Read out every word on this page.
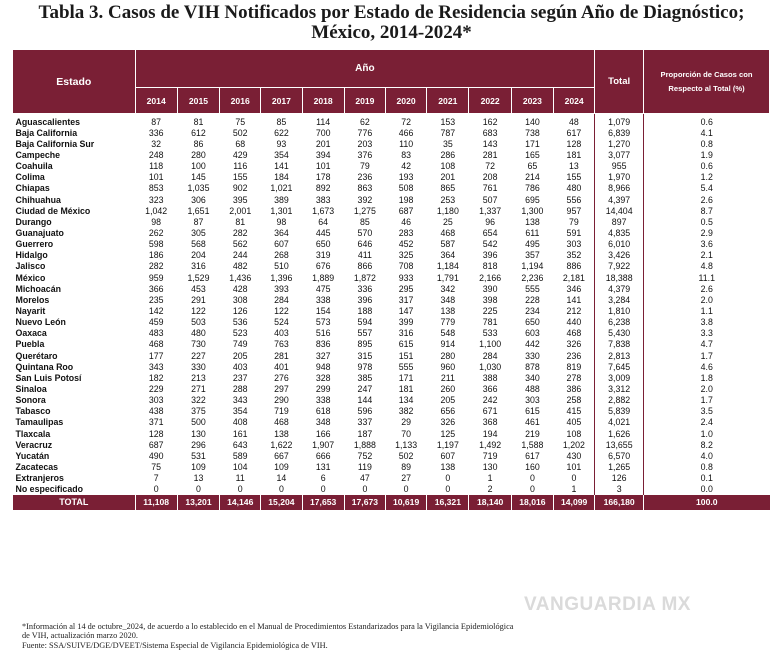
Tabla 3. Casos de VIH Notificados por Estado de Residencia según Año de Diagnóstico;
México, 2014-2024*
Estado	Año											Total	Proporción de Casos con Respecto al Total (%)
	2014	2015	2016	2017	2018	2019	2020	2021	2022	2023	2024		
Aguascalientes	87	81	75	85	114	62	72	153	162	140	48	1,079	0.6
Baja California	336	612	502	622	700	776	466	787	683	738	617	6,839	4.1
Baja California Sur	32	86	68	93	201	203	110	35	143	171	128	1,270	0.8
Campeche	248	280	429	354	394	376	83	286	281	165	181	3,077	1.9
Coahuila	118	100	116	141	101	79	42	108	72	65	13	955	0.6
Colima	101	145	155	184	178	236	193	201	208	214	155	1,970	1.2
Chiapas	853	1,035	902	1,021	892	863	508	865	761	786	480	8,966	5.4
Chihuahua	323	306	395	389	383	392	198	253	507	695	556	4,397	2.6
Ciudad de México	1,042	1,651	2,001	1,301	1,673	1,275	687	1,180	1,337	1,300	957	14,404	8.7
Durango	98	87	81	98	64	85	46	25	96	138	79	897	0.5
Guanajuato	262	305	282	364	445	570	283	468	654	611	591	4,835	2.9
Guerrero	598	568	562	607	650	646	452	587	542	495	303	6,010	3.6
Hidalgo	186	204	244	268	319	411	325	364	396	357	352	3,426	2.1
Jalisco	282	316	482	510	676	866	708	1,184	818	1,194	886	7,922	4.8
México	959	1,529	1,436	1,396	1,889	1,872	933	1,791	2,166	2,236	2,181	18,388	11.1
Michoacán	366	453	428	393	475	336	295	342	390	555	346	4,379	2.6
Morelos	235	291	308	284	338	396	317	348	398	228	141	3,284	2.0
Nayarit	142	122	126	122	154	188	147	138	225	234	212	1,810	1.1
Nuevo León	459	503	536	524	573	594	399	779	781	650	440	6,238	3.8
Oaxaca	483	480	523	403	516	557	316	548	533	603	468	5,430	3.3
Puebla	468	730	749	763	836	895	615	914	1,100	442	326	7,838	4.7
Querétaro	177	227	205	281	327	315	151	280	284	330	236	2,813	1.7
Quintana Roo	343	330	403	401	948	978	555	960	1,030	878	819	7,645	4.6
San Luis Potosí	182	213	237	276	328	385	171	211	388	340	278	3,009	1.8
Sinaloa	229	271	288	297	299	247	181	260	366	488	386	3,312	2.0
Sonora	303	322	343	290	338	144	134	205	242	303	258	2,882	1.7
Tabasco	438	375	354	719	618	596	382	656	671	615	415	5,839	3.5
Tamaulipas	371	500	408	468	348	337	29	326	368	461	405	4,021	2.4
Tlaxcala	128	130	161	138	166	187	70	125	194	219	108	1,626	1.0
Veracruz	687	296	643	1,622	1,907	1,888	1,133	1,197	1,492	1,588	1,202	13,655	8.2
Yucatán	490	531	589	667	666	752	502	607	719	617	430	6,570	4.0
Zacatecas	75	109	104	109	131	119	89	138	130	160	101	1,265	0.8
Extranjeros	7	13	11	14	6	47	27	0	1	0	0	126	0.1
No especificado	0	0	0	0	0	0	0	0	2	0	1	3	0.0
TOTAL	11,108	13,201	14,146	15,204	17,653	17,673	10,619	16,321	18,140	18,016	14,099	166,180	100.0
VANGUARDIA MX
*Información al 14 de octubre_2024, de acuerdo a lo establecido en el Manual de Procedimientos Estandarizados para la Vigilancia Epidemiológica
de VIH, actualización marzo 2020.
Fuente: SSA/SUIVE/DGE/DVEET/Sistema Especial de Vigilancia Epidemiológica de VIH.
